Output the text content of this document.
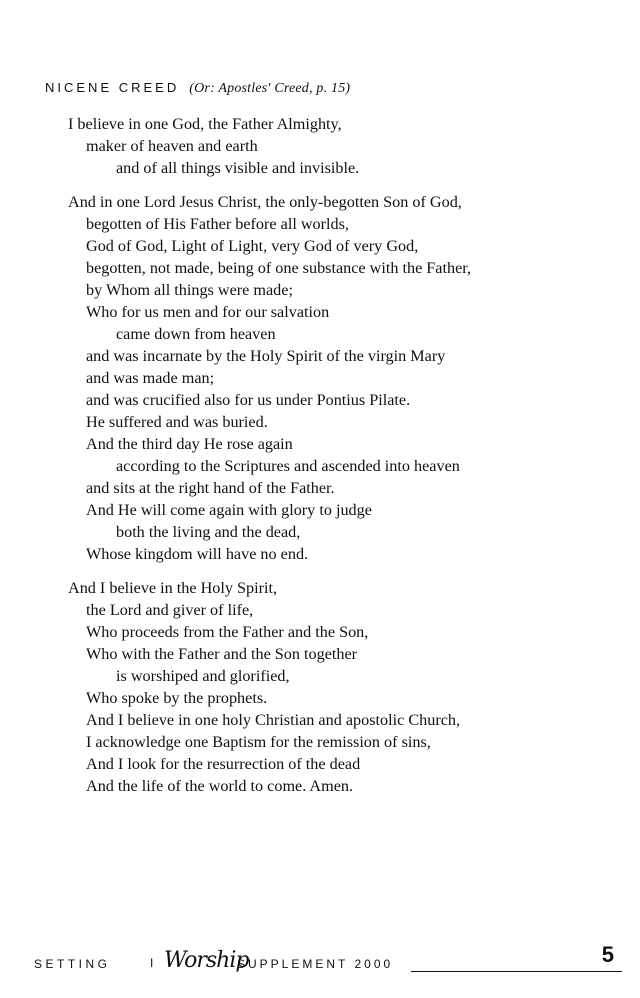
NICENE CREED (Or: Apostles' Creed, p. 15)
I believe in one God, the Father Almighty,
maker of heaven and earth
and of all things visible and invisible.
And in one Lord Jesus Christ, the only-begotten Son of God,
begotten of His Father before all worlds,
God of God, Light of Light, very God of very God,
begotten, not made, being of one substance with the Father,
by Whom all things were made;
Who for us men and for our salvation
came down from heaven
and was incarnate by the Holy Spirit of the virgin Mary
and was made man;
and was crucified also for us under Pontius Pilate.
He suffered and was buried.
And the third day He rose again
according to the Scriptures and ascended into heaven
and sits at the right hand of the Father.
And He will come again with glory to judge
both the living and the dead,
Whose kingdom will have no end.
And I believe in the Holy Spirit,
the Lord and giver of life,
Who proceeds from the Father and the Son,
Who with the Father and the Son together
is worshiped and glorified,
Who spoke by the prophets.
And I believe in one holy Christian and apostolic Church,
I acknowledge one Baptism for the remission of sins,
And I look for the resurrection of the dead
And the life of the world to come. Amen.
SETTING	I Worship
SUPPLEMENT 2000	5
